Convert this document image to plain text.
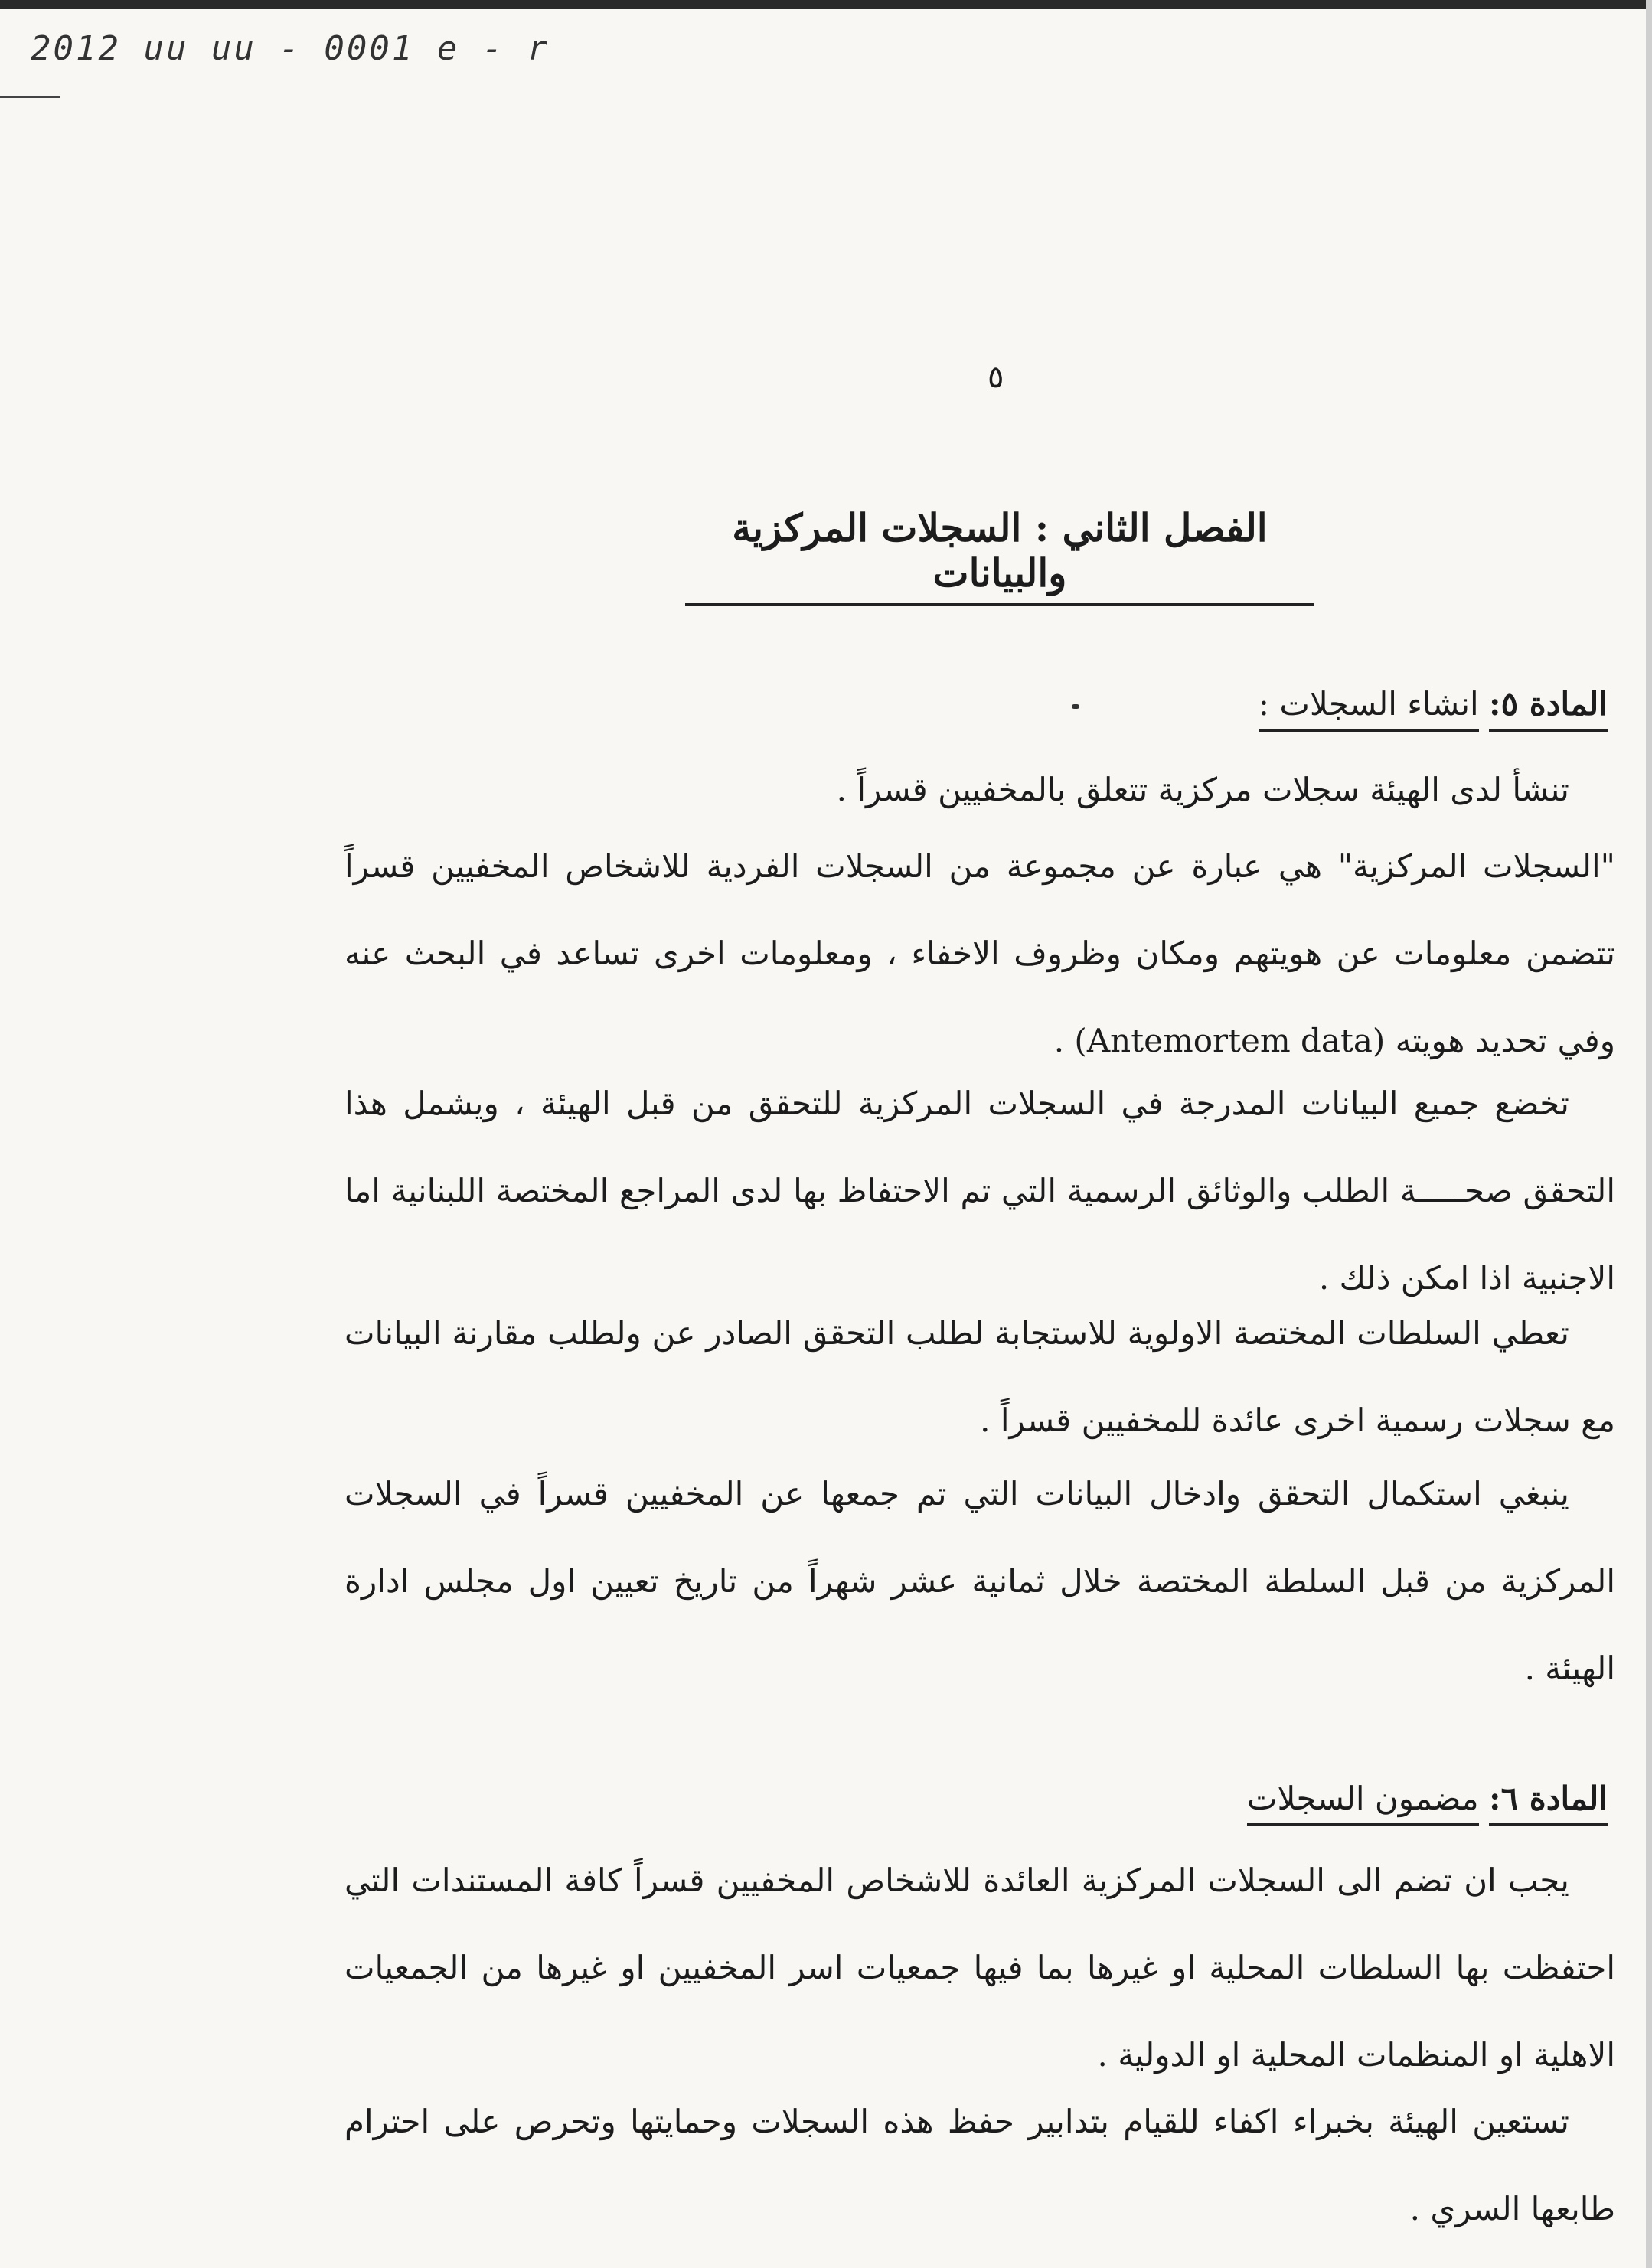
2012 uu uu - 0001 e - r
٥
الفصل الثاني : السجلات المركزية والبيانات
المادة ٥: انشاء السجلات :
تنشأ لدى الهيئة سجلات مركزية تتعلق بالمخفيين قسراً .
"السجلات المركزية" هي عبارة عن مجموعة من السجلات الفردية للاشخاص المخفيين قسراً تتضمن معلومات عن هويتهم ومكان وظروف الاخفاء ، ومعلومات اخرى تساعد في البحث عنه وفي تحديد هويته (Antemortem data) .
تخضع جميع البيانات المدرجة في السجلات المركزية للتحقق من قبل الهيئة ، ويشمل هذا التحقق صحـــــة الطلب والوثائق الرسمية التي تم الاحتفاظ بها لدى المراجع المختصة اللبنانية اما الاجنبية اذا امكن ذلك .
تعطي السلطات المختصة الاولوية للاستجابة لطلب التحقق الصادر عن ولطلب مقارنة البيانات مع سجلات رسمية اخرى عائدة للمخفيين قسراً .
ينبغي استكمال التحقق وادخال البيانات التي تم جمعها عن المخفيين قسراً في السجلات المركزية من قبل السلطة المختصة خلال ثمانية عشر شهراً من تاريخ تعيين اول مجلس ادارة الهيئة .
المادة ٦: مضمون السجلات
يجب ان تضم الى السجلات المركزية العائدة للاشخاص المخفيين قسراً كافة المستندات التي احتفظت بها السلطات المحلية او غيرها بما فيها جمعيات اسر المخفيين او غيرها من الجمعيات الاهلية او المنظمات المحلية او الدولية .
تستعين الهيئة بخبراء اكفاء للقيام بتدابير حفظ هذه السجلات وحمايتها وتحرص على احترام طابعها السري .
